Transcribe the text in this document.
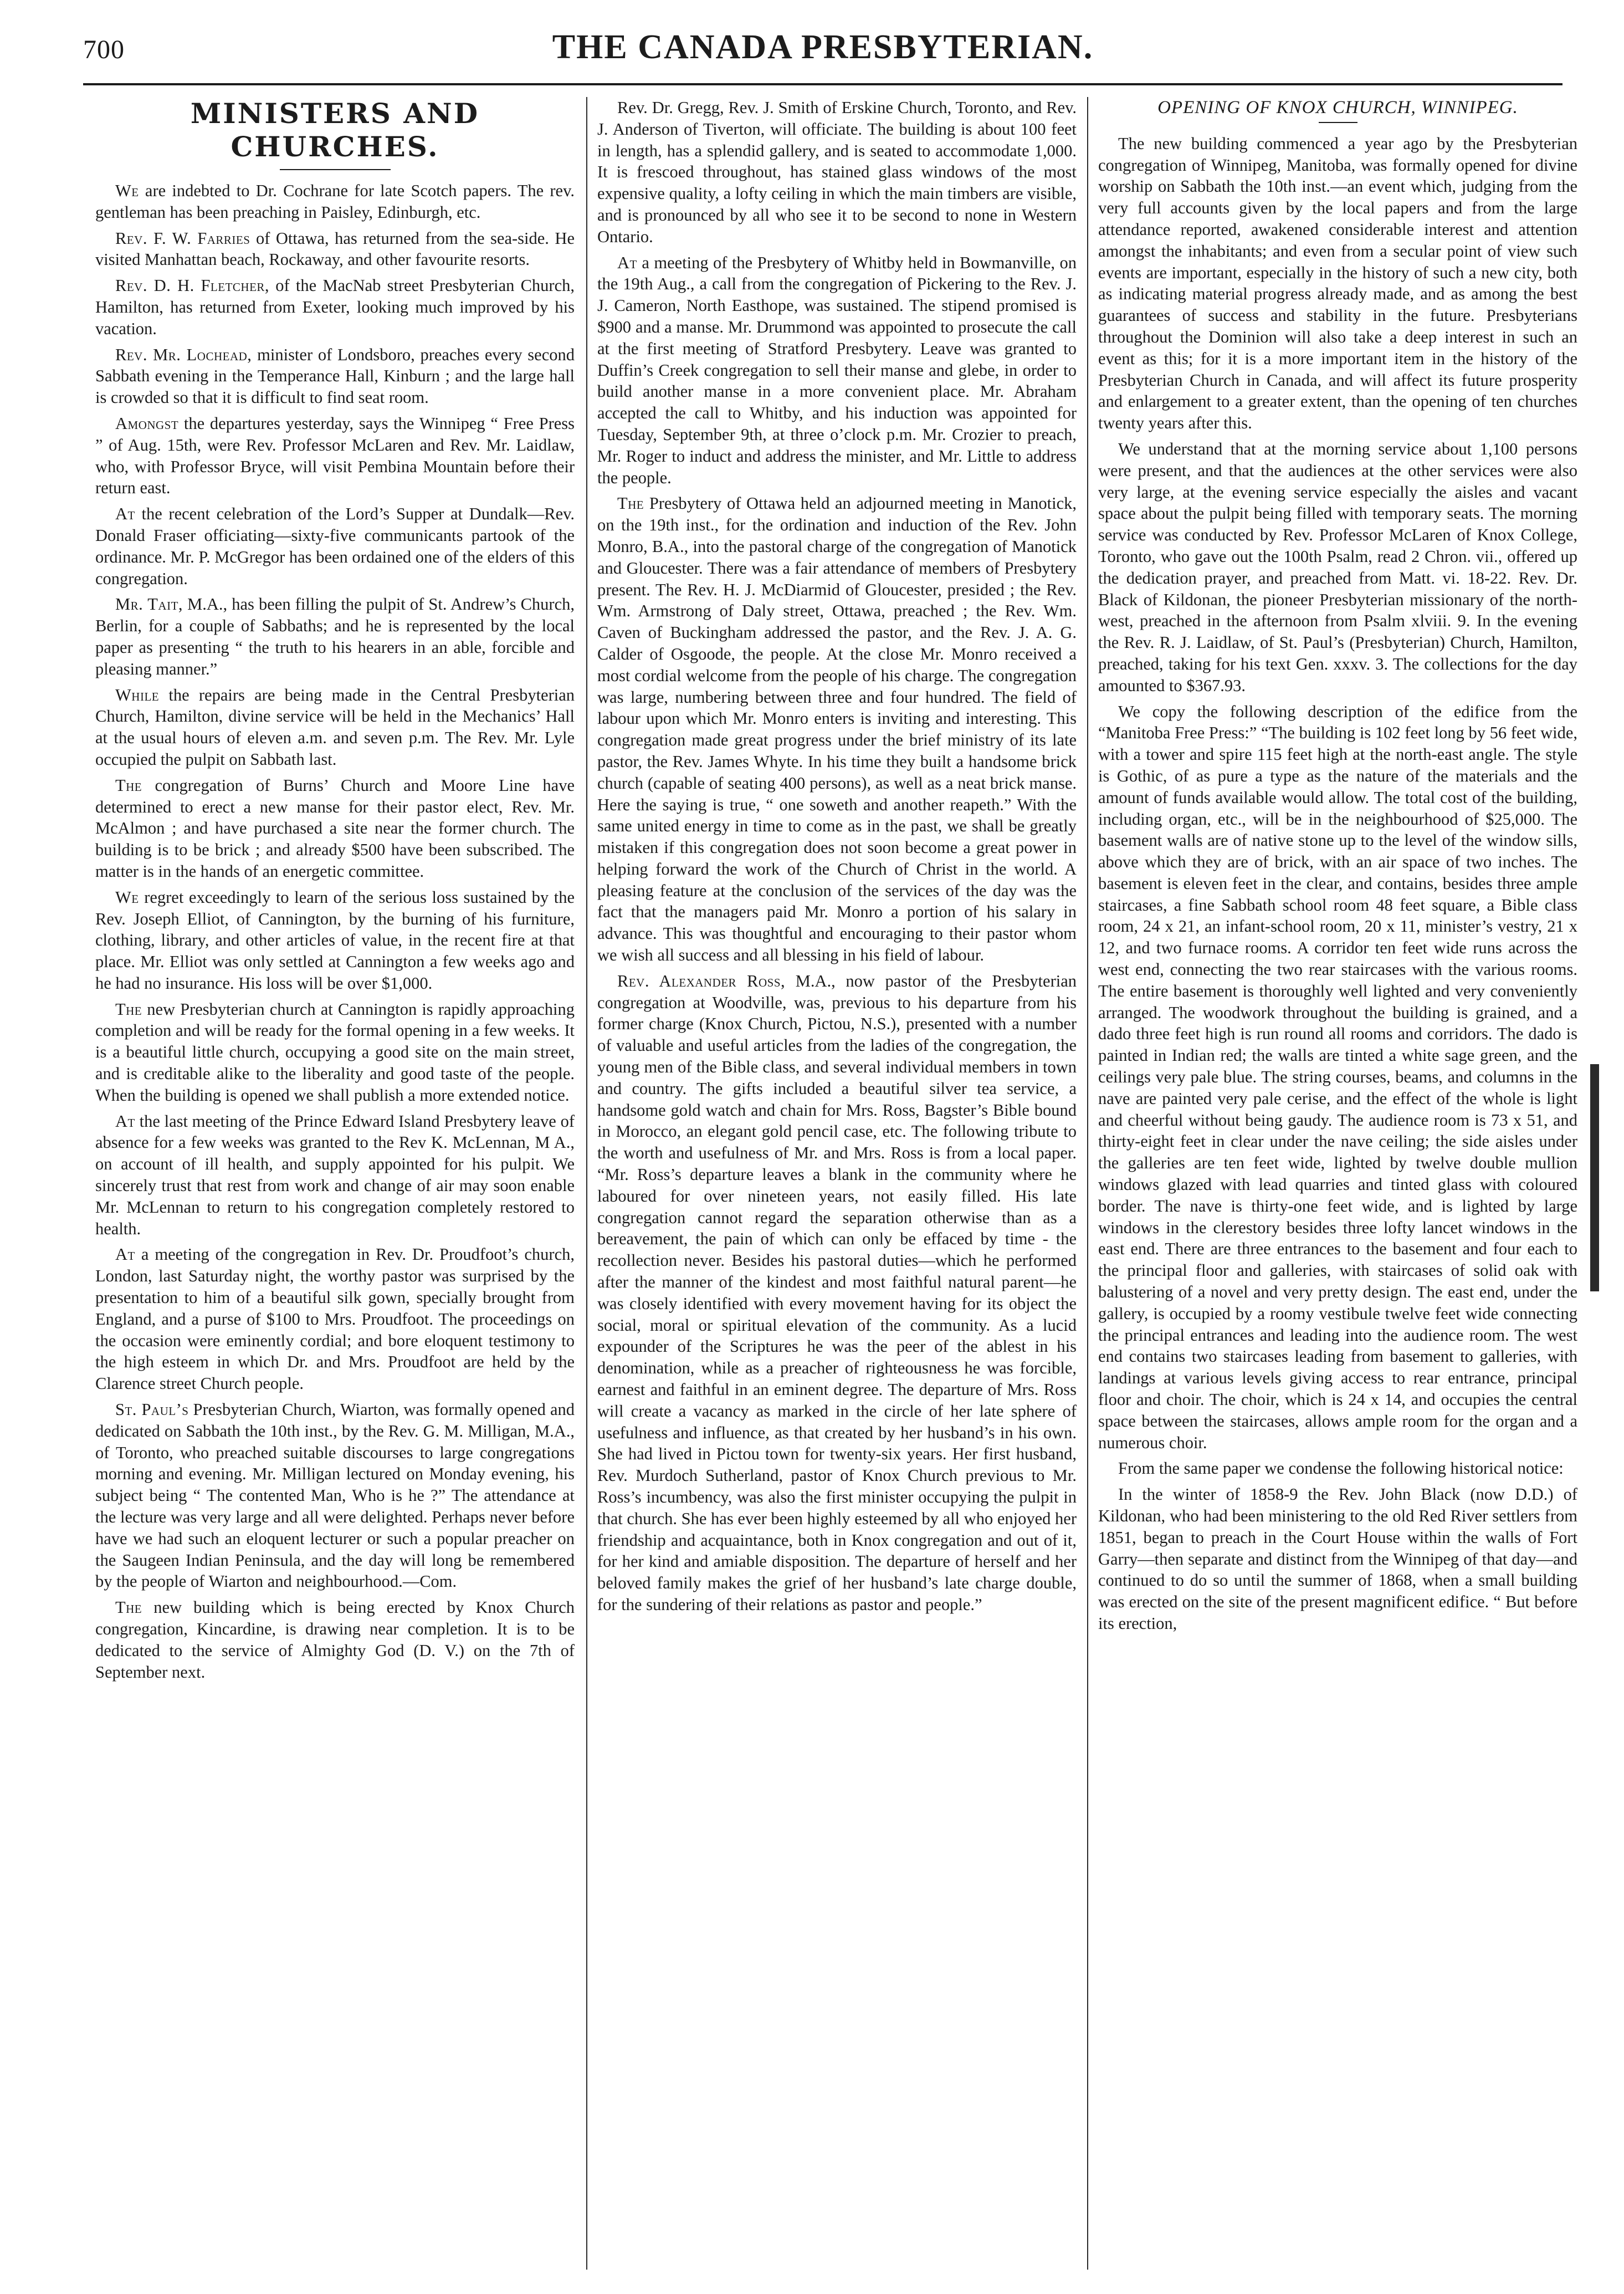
700	THE CANADA PRESBYTERIAN.
MINISTERS AND CHURCHES.

We are indebted to Dr. Cochrane for late Scotch papers. The rev. gentleman has been preaching in Paisley, Edinburgh, etc.

Rev. F. W. Farries of Ottawa, has returned from the sea-side. He visited Manhattan beach, Rockaway, and other favourite resorts.

Rev. D. H. Fletcher, of the MacNab street Presbyterian Church, Hamilton, has returned from Exeter, looking much improved by his vacation.

Rev. Mr. Lochead, minister of Londsboro, preaches every second Sabbath evening in the Temperance Hall, Kinburn ; and the large hall is crowded so that it is difficult to find seat room.

Amongst the departures yesterday, says the Winnipeg “ Free Press ” of Aug. 15th, were Rev. Professor McLaren and Rev. Mr. Laidlaw, who, with Professor Bryce, will visit Pembina Mountain before their return east.

At the recent celebration of the Lord’s Supper at Dundalk—Rev. Donald Fraser officiating—sixty-five communicants partook of the ordinance. Mr. P. McGregor has been ordained one of the elders of this congregation.

Mr. Tait, M.A., has been filling the pulpit of St. Andrew’s Church, Berlin, for a couple of Sabbaths; and he is represented by the local paper as presenting “ the truth to his hearers in an able, forcible and pleasing manner.”

While the repairs are being made in the Central Presbyterian Church, Hamilton, divine service will be held in the Mechanics’ Hall at the usual hours of eleven a.m. and seven p.m. The Rev. Mr. Lyle occupied the pulpit on Sabbath last.

The congregation of Burns’ Church and Moore Line have determined to erect a new manse for their pastor elect, Rev. Mr. McAlmon ; and have purchased a site near the former church. The building is to be brick ; and already $500 have been subscribed. The matter is in the hands of an energetic committee.

We regret exceedingly to learn of the serious loss sustained by the Rev. Joseph Elliot, of Cannington, by the burning of his furniture, clothing, library, and other articles of value, in the recent fire at that place. Mr. Elliot was only settled at Cannington a few weeks ago and he had no insurance. His loss will be over $1,000.

The new Presbyterian church at Cannington is rapidly approaching completion and will be ready for the formal opening in a few weeks. It is a beautiful little church, occupying a good site on the main street, and is creditable alike to the liberality and good taste of the people. When the building is opened we shall publish a more extended notice.

At the last meeting of the Prince Edward Island Presbytery leave of absence for a few weeks was granted to the Rev K. McLennan, M A., on account of ill health, and supply appointed for his pulpit. We sincerely trust that rest from work and change of air may soon enable Mr. McLennan to return to his congregation completely restored to health.

At a meeting of the congregation in Rev. Dr. Proudfoot’s church, London, last Saturday night, the worthy pastor was surprised by the presentation to him of a beautiful silk gown, specially brought from England, and a purse of $100 to Mrs. Proudfoot. The proceedings on the occasion were eminently cordial; and bore eloquent testimony to the high esteem in which Dr. and Mrs. Proudfoot are held by the Clarence street Church people.

St. Paul’s Presbyterian Church, Wiarton, was formally opened and dedicated on Sabbath the 10th inst., by the Rev. G. M. Milligan, M.A., of Toronto, who preached suitable discourses to large congregations morning and evening. Mr. Milligan lectured on Monday evening, his subject being “ The contented Man, Who is he ?” The attendance at the lecture was very large and all were delighted. Perhaps never before have we had such an eloquent lecturer or such a popular preacher on the Saugeen Indian Peninsula, and the day will long be remembered by the people of Wiarton and neighbourhood.—Com.

The new building which is being erected by Knox Church congregation, Kincardine, is drawing near completion. It is to be dedicated to the service of Almighty God (D. V.) on the 7th of September next.

Rev. Dr. Gregg, Rev. J. Smith of Erskine Church, Toronto, and Rev. J. Anderson of Tiverton, will officiate. The building is about 100 feet in length, has a splendid gallery, and is seated to accommodate 1,000. It is frescoed throughout, has stained glass windows of the most expensive quality, a lofty ceiling in which the main timbers are visible, and is pronounced by all who see it to be second to none in Western Ontario.

At a meeting of the Presbytery of Whitby held in Bowmanville, on the 19th Aug., a call from the congregation of Pickering to the Rev. J. J. Cameron, North Easthope, was sustained. The stipend promised is $900 and a manse. Mr. Drummond was appointed to prosecute the call at the first meeting of Stratford Presbytery. Leave was granted to Duffin’s Creek congregation to sell their manse and glebe, in order to build another manse in a more convenient place. Mr. Abraham accepted the call to Whitby, and his induction was appointed for Tuesday, September 9th, at three o’clock p.m. Mr. Crozier to preach, Mr. Roger to induct and address the minister, and Mr. Little to address the people.

The Presbytery of Ottawa held an adjourned meeting in Manotick, on the 19th inst., for the ordination and induction of the Rev. John Monro, B.A., into the pastoral charge of the congregation of Manotick and Gloucester. There was a fair attendance of members of Presbytery present. The Rev. H. J. McDiarmid of Gloucester, presided ; the Rev. Wm. Armstrong of Daly street, Ottawa, preached ; the Rev. Wm. Caven of Buckingham addressed the pastor, and the Rev. J. A. G. Calder of Osgoode, the people. At the close Mr. Monro received a most cordial welcome from the people of his charge. The congregation was large, numbering between three and four hundred. The field of labour upon which Mr. Monro enters is inviting and interesting. This congregation made great progress under the brief ministry of its late pastor, the Rev. James Whyte. In his time they built a handsome brick church (capable of seating 400 persons), as well as a neat brick manse. Here the saying is true, “ one soweth and another reapeth.” With the same united energy in time to come as in the past, we shall be greatly mistaken if this congregation does not soon become a great power in helping forward the work of the Church of Christ in the world. A pleasing feature at the conclusion of the services of the day was the fact that the managers paid Mr. Monro a portion of his salary in advance. This was thoughtful and encouraging to their pastor whom we wish all success and all blessing in his field of labour.

Rev. Alexander Ross, M.A., now pastor of the Presbyterian congregation at Woodville, was, previous to his departure from his former charge (Knox Church, Pictou, N.S.), presented with a number of valuable and useful articles from the ladies of the congregation, the young men of the Bible class, and several individual members in town and country. The gifts included a beautiful silver tea service, a handsome gold watch and chain for Mrs. Ross, Bagster’s Bible bound in Morocco, an elegant gold pencil case, etc. The following tribute to the worth and usefulness of Mr. and Mrs. Ross is from a local paper. “Mr. Ross’s departure leaves a blank in the community where he laboured for over nineteen years, not easily filled. His late congregation cannot regard the separation otherwise than as a bereavement, the pain of which can only be effaced by time - the recollection never. Besides his pastoral duties—which he performed after the manner of the kindest and most faithful natural parent—he was closely identified with every movement having for its object the social, moral or spiritual elevation of the community. As a lucid expounder of the Scriptures he was the peer of the ablest in his denomination, while as a preacher of righteousness he was forcible, earnest and faithful in an eminent degree. The departure of Mrs. Ross will create a vacancy as marked in the circle of her late sphere of usefulness and influence, as that created by her husband’s in his own. She had lived in Pictou town for twenty-six years. Her first husband, Rev. Murdoch Sutherland, pastor of Knox Church previous to Mr. Ross’s incumbency, was also the first minister occupying the pulpit in that church. She has ever been highly esteemed by all who enjoyed her friendship and acquaintance, both in Knox congregation and out of it, for her kind and amiable disposition. The departure of herself and her beloved family makes the grief of her husband’s late charge double, for the sundering of their relations as pastor and people.”

OPENING OF KNOX CHURCH, WINNIPEG.

The new building commenced a year ago by the Presbyterian congregation of Winnipeg, Manitoba, was formally opened for divine worship on Sabbath the 10th inst.—an event which, judging from the very full accounts given by the local papers and from the large attendance reported, awakened considerable interest and attention amongst the inhabitants; and even from a secular point of view such events are important, especially in the history of such a new city, both as indicating material progress already made, and as among the best guarantees of success and stability in the future. Presbyterians throughout the Dominion will also take a deep interest in such an event as this; for it is a more important item in the history of the Presbyterian Church in Canada, and will affect its future prosperity and enlargement to a greater extent, than the opening of ten churches twenty years after this.

We understand that at the morning service about 1,100 persons were present, and that the audiences at the other services were also very large, at the evening service especially the aisles and vacant space about the pulpit being filled with temporary seats. The morning service was conducted by Rev. Professor McLaren of Knox College, Toronto, who gave out the 100th Psalm, read 2 Chron. vii., offered up the dedication prayer, and preached from Matt. vi. 18-22. Rev. Dr. Black of Kildonan, the pioneer Presbyterian missionary of the north-west, preached in the afternoon from Psalm xlviii. 9. In the evening the Rev. R. J. Laidlaw, of St. Paul’s (Presbyterian) Church, Hamilton, preached, taking for his text Gen. xxxv. 3. The collections for the day amounted to $367.93.

We copy the following description of the edifice from the “Manitoba Free Press:” “The building is 102 feet long by 56 feet wide, with a tower and spire 115 feet high at the north-east angle. The style is Gothic, of as pure a type as the nature of the materials and the amount of funds available would allow. The total cost of the building, including organ, etc., will be in the neighbourhood of $25,000. The basement walls are of native stone up to the level of the window sills, above which they are of brick, with an air space of two inches. The basement is eleven feet in the clear, and contains, besides three ample staircases, a fine Sabbath school room 48 feet square, a Bible class room, 24 x 21, an infant-school room, 20 x 11, minister’s vestry, 21 x 12, and two furnace rooms. A corridor ten feet wide runs across the west end, connecting the two rear staircases with the various rooms. The entire basement is thoroughly well lighted and very conveniently arranged. The woodwork throughout the building is grained, and a dado three feet high is run round all rooms and corridors. The dado is painted in Indian red; the walls are tinted a white sage green, and the ceilings very pale blue. The string courses, beams, and columns in the nave are painted very pale cerise, and the effect of the whole is light and cheerful without being gaudy. The audience room is 73 x 51, and thirty-eight feet in clear under the nave ceiling; the side aisles under the galleries are ten feet wide, lighted by twelve double mullion windows glazed with lead quarries and tinted glass with coloured border. The nave is thirty-one feet wide, and is lighted by large windows in the clerestory besides three lofty lancet windows in the east end. There are three entrances to the basement and four each to the principal floor and galleries, with staircases of solid oak with balustering of a novel and very pretty design. The east end, under the gallery, is occupied by a roomy vestibule twelve feet wide connecting the principal entrances and leading into the audience room. The west end contains two staircases leading from basement to galleries, with landings at various levels giving access to rear entrance, principal floor and choir. The choir, which is 24 x 14, and occupies the central space between the staircases, allows ample room for the organ and a numerous choir.

From the same paper we condense the following historical notice:

In the winter of 1858-9 the Rev. John Black (now D.D.) of Kildonan, who had been ministering to the old Red River settlers from 1851, began to preach in the Court House within the walls of Fort Garry—then separate and distinct from the Winnipeg of that day—and continued to do so until the summer of 1868, when a small building was erected on the site of the present magnificent edifice. “ But before its erection,
